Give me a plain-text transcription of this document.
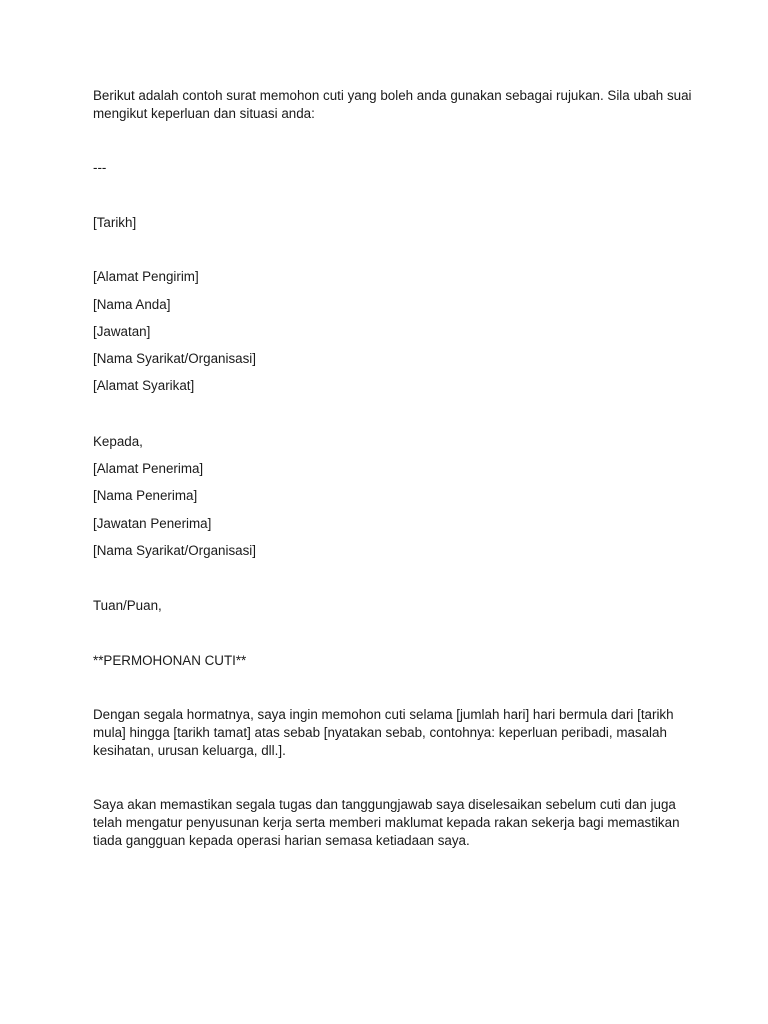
Berikut adalah contoh surat memohon cuti yang boleh anda gunakan sebagai rujukan. Sila ubah suai
mengikut keperluan dan situasi anda:

---

[Tarikh]

[Alamat Pengirim]

[Nama Anda]

[Jawatan]

[Nama Syarikat/Organisasi]

[Alamat Syarikat]

Kepada,

[Alamat Penerima]

[Nama Penerima]

[Jawatan Penerima]

[Nama Syarikat/Organisasi]

Tuan/Puan,

**PERMOHONAN CUTI**

Dengan segala hormatnya, saya ingin memohon cuti selama [jumlah hari] hari bermula dari [tarikh
mula] hingga [tarikh tamat] atas sebab [nyatakan sebab, contohnya: keperluan peribadi, masalah
kesihatan, urusan keluarga, dll.].

Saya akan memastikan segala tugas dan tanggungjawab saya diselesaikan sebelum cuti dan juga
telah mengatur penyusunan kerja serta memberi maklumat kepada rakan sekerja bagi memastikan
tiada gangguan kepada operasi harian semasa ketiadaan saya.
